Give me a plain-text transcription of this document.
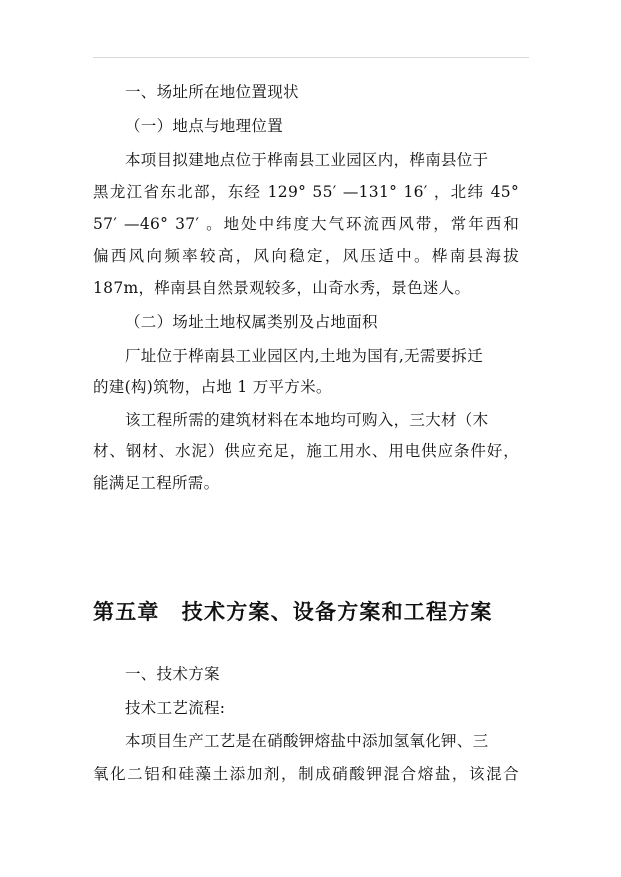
一、场址所在地位置现状
（一）地点与地理位置
本项目拟建地点位于桦南县工业园区内，桦南县位于
黑龙江省东北部，东经 129° 55′ —131° 16′ ，北纬 45°
57′ —46° 37′ 。地处中纬度大气环流西风带，常年西和
偏西风向频率较高，风向稳定，风压适中。桦南县海拔
187m，桦南县自然景观较多，山奇水秀，景色迷人。
（二）场址土地权属类别及占地面积
厂址位于桦南县工业园区内,土地为国有,无需要拆迁
的建(构)筑物，占地 1 万平方米。
该工程所需的建筑材料在本地均可购入，三大材（木
材、钢材、水泥）供应充足，施工用水、用电供应条件好，
能满足工程所需。
第五章　技术方案、设备方案和工程方案
一、技术方案
技术工艺流程:
本项目生产工艺是在硝酸钾熔盐中添加氢氧化钾、三
氧化二铝和硅藻土添加剂，制成硝酸钾混合熔盐，该混合
